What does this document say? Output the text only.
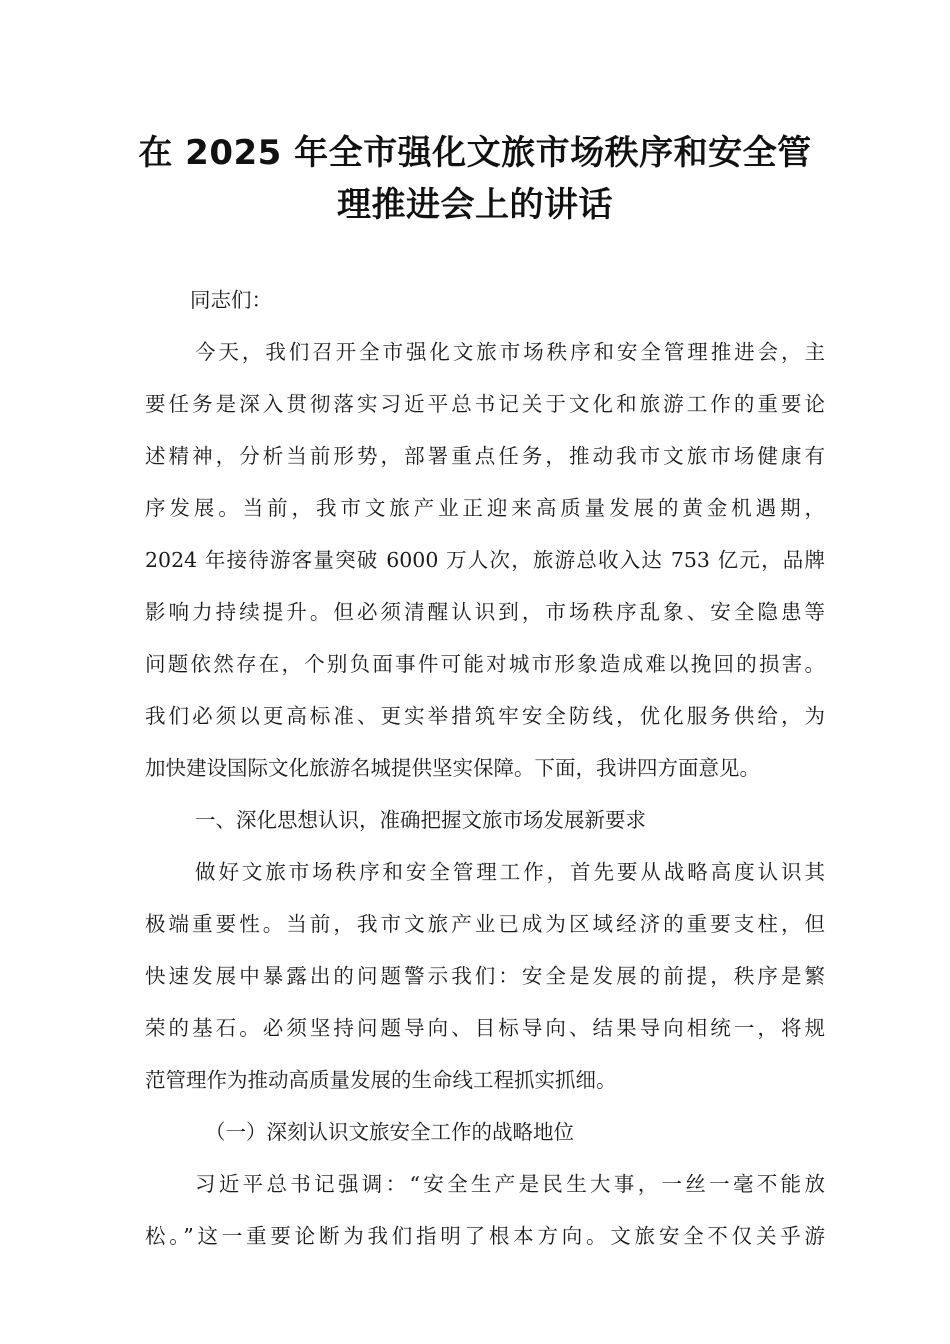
在 2025 年全市强化文旅市场秩序和安全管
理推进会上的讲话
同志们：
今天，我们召开全市强化文旅市场秩序和安全管理推进会，主
要任务是深入贯彻落实习近平总书记关于文化和旅游工作的重要论
述精神，分析当前形势，部署重点任务，推动我市文旅市场健康有
序发展。当前，我市文旅产业正迎来高质量发展的黄金机遇期，
2024 年接待游客量突破 6000 万人次，旅游总收入达 753 亿元，品牌
影响力持续提升。但必须清醒认识到，市场秩序乱象、安全隐患等
问题依然存在，个别负面事件可能对城市形象造成难以挽回的损害。
我们必须以更高标准、更实举措筑牢安全防线，优化服务供给，为
加快建设国际文化旅游名城提供坚实保障。下面，我讲四方面意见。
一、深化思想认识，准确把握文旅市场发展新要求
做好文旅市场秩序和安全管理工作，首先要从战略高度认识其
极端重要性。当前，我市文旅产业已成为区域经济的重要支柱，但
快速发展中暴露出的问题警示我们：安全是发展的前提，秩序是繁
荣的基石。必须坚持问题导向、目标导向、结果导向相统一，将规
范管理作为推动高质量发展的生命线工程抓实抓细。
（一）深刻认识文旅安全工作的战略地位
习近平总书记强调：“安全生产是民生大事，一丝一毫不能放
松。”这一重要论断为我们指明了根本方向。文旅安全不仅关乎游
